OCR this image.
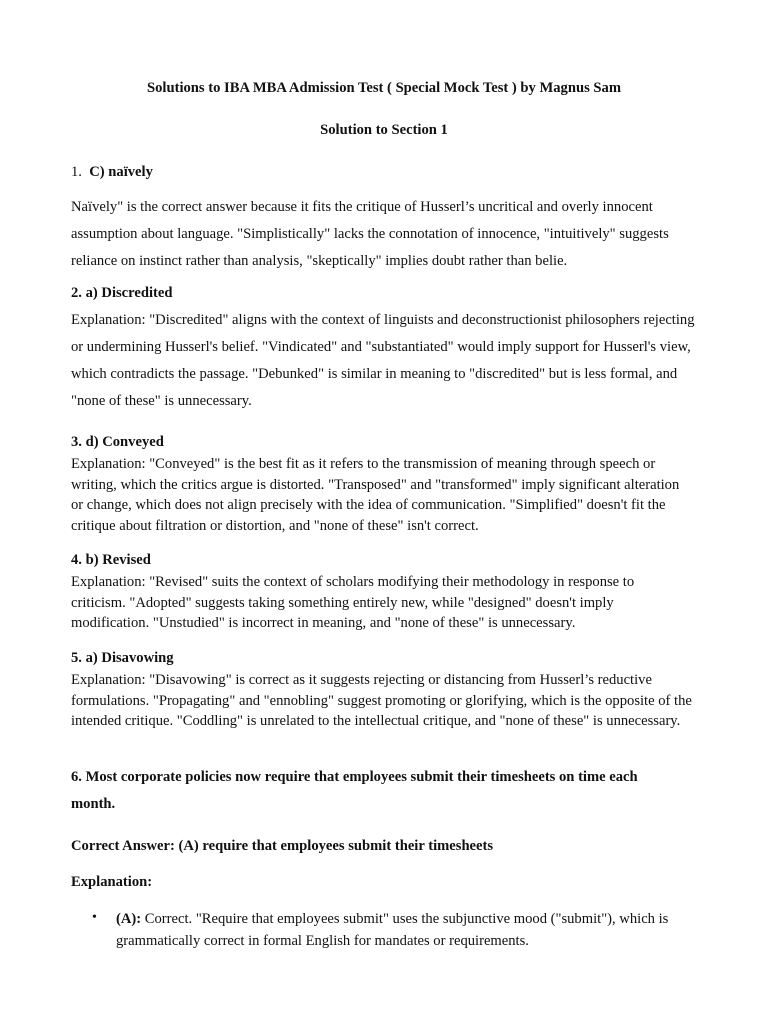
Solutions to IBA MBA Admission Test ( Special Mock Test ) by Magnus Sam
Solution to Section 1
1. C) naïvely

Naïvely" is the correct answer because it fits the critique of Husserl’s uncritical and overly innocent assumption about language. "Simplistically" lacks the connotation of innocence, "intuitively" suggests reliance on instinct rather than analysis, "skeptically" implies doubt rather than belie.

2. a) Discredited

Explanation: "Discredited" aligns with the context of linguists and deconstructionist philosophers rejecting or undermining Husserl's belief. "Vindicated" and "substantiated" would imply support for Husserl's view, which contradicts the passage. "Debunked" is similar in meaning to "discredited" but is less formal, and "none of these" is unnecessary.

3. d) Conveyed

Explanation: "Conveyed" is the best fit as it refers to the transmission of meaning through speech or writing, which the critics argue is distorted. "Transposed" and "transformed" imply significant alteration or change, which does not align precisely with the idea of communication. "Simplified" doesn't fit the critique about filtration or distortion, and "none of these" isn't correct.

4. b) Revised

Explanation: "Revised" suits the context of scholars modifying their methodology in response to criticism. "Adopted" suggests taking something entirely new, while "designed" doesn't imply modification. "Unstudied" is incorrect in meaning, and "none of these" is unnecessary.

5. a) Disavowing

Explanation: "Disavowing" is correct as it suggests rejecting or distancing from Husserl’s reductive formulations. "Propagating" and "ennobling" suggest promoting or glorifying, which is the opposite of the intended critique. "Coddling" is unrelated to the intellectual critique, and "none of these" is unnecessary.

6. Most corporate policies now require that employees submit their timesheets on time each month.

Correct Answer: (A) require that employees submit their timesheets
Explanation:
• (A): Correct. "Require that employees submit" uses the subjunctive mood ("submit"), which is grammatically correct in formal English for mandates or requirements.
